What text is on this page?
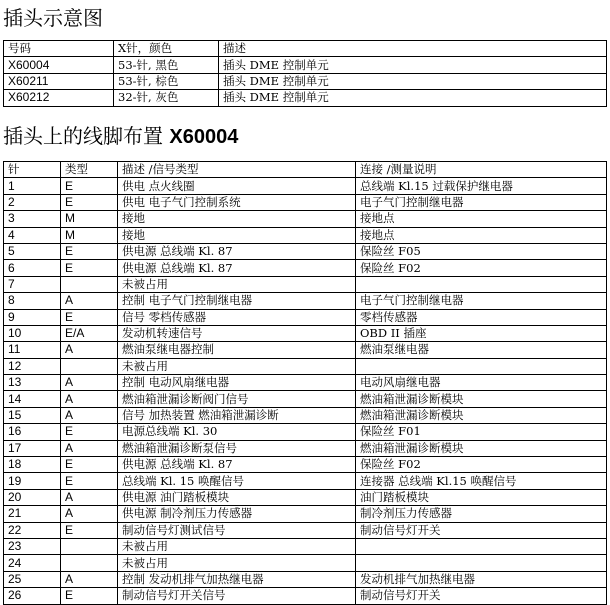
插头示意图
号码	X针，颜色	描述
X60004	53-针, 黑色	插头 DME 控制单元
X60211	53-针, 棕色	插头 DME 控制单元
X60212	32-针, 灰色	插头 DME 控制单元
插头上的线脚布置 X60004
针	类型	描述 /信号类型	连接 /测量说明
1	E	供电 点火线圈	总线端 Kl.15 过载保护继电器
2	E	供电 电子气门控制系统	电子气门控制继电器
3	M	接地	接地点
4	M	接地	接地点
5	E	供电源 总线端 Kl. 87	保险丝 F05
6	E	供电源 总线端 Kl. 87	保险丝 F02
7		未被占用	
8	A	控制 电子气门控制继电器	电子气门控制继电器
9	E	信号 零档传感器	零档传感器
10	E/A	发动机转速信号	OBD II 插座
11	A	燃油泵继电器控制	燃油泵继电器
12		未被占用	
13	A	控制 电动风扇继电器	电动风扇继电器
14	A	燃油箱泄漏诊断阀门信号	燃油箱泄漏诊断模块
15	A	信号 加热装置 燃油箱泄漏诊断	燃油箱泄漏诊断模块
16	E	电源总线端 Kl. 30	保险丝 F01
17	A	燃油箱泄漏诊断泵信号	燃油箱泄漏诊断模块
18	E	供电源 总线端 Kl. 87	保险丝 F02
19	E	总线端 Kl. 15 唤醒信号	连接器 总线端 Kl.15 唤醒信号
20	A	供电源 油门踏板模块	油门踏板模块
21	A	供电源 制冷剂压力传感器	制冷剂压力传感器
22	E	制动信号灯测试信号	制动信号灯开关
23		未被占用	
24		未被占用	
25	A	控制 发动机排气加热继电器	发动机排气加热继电器
26	E	制动信号灯开关信号	制动信号灯开关
